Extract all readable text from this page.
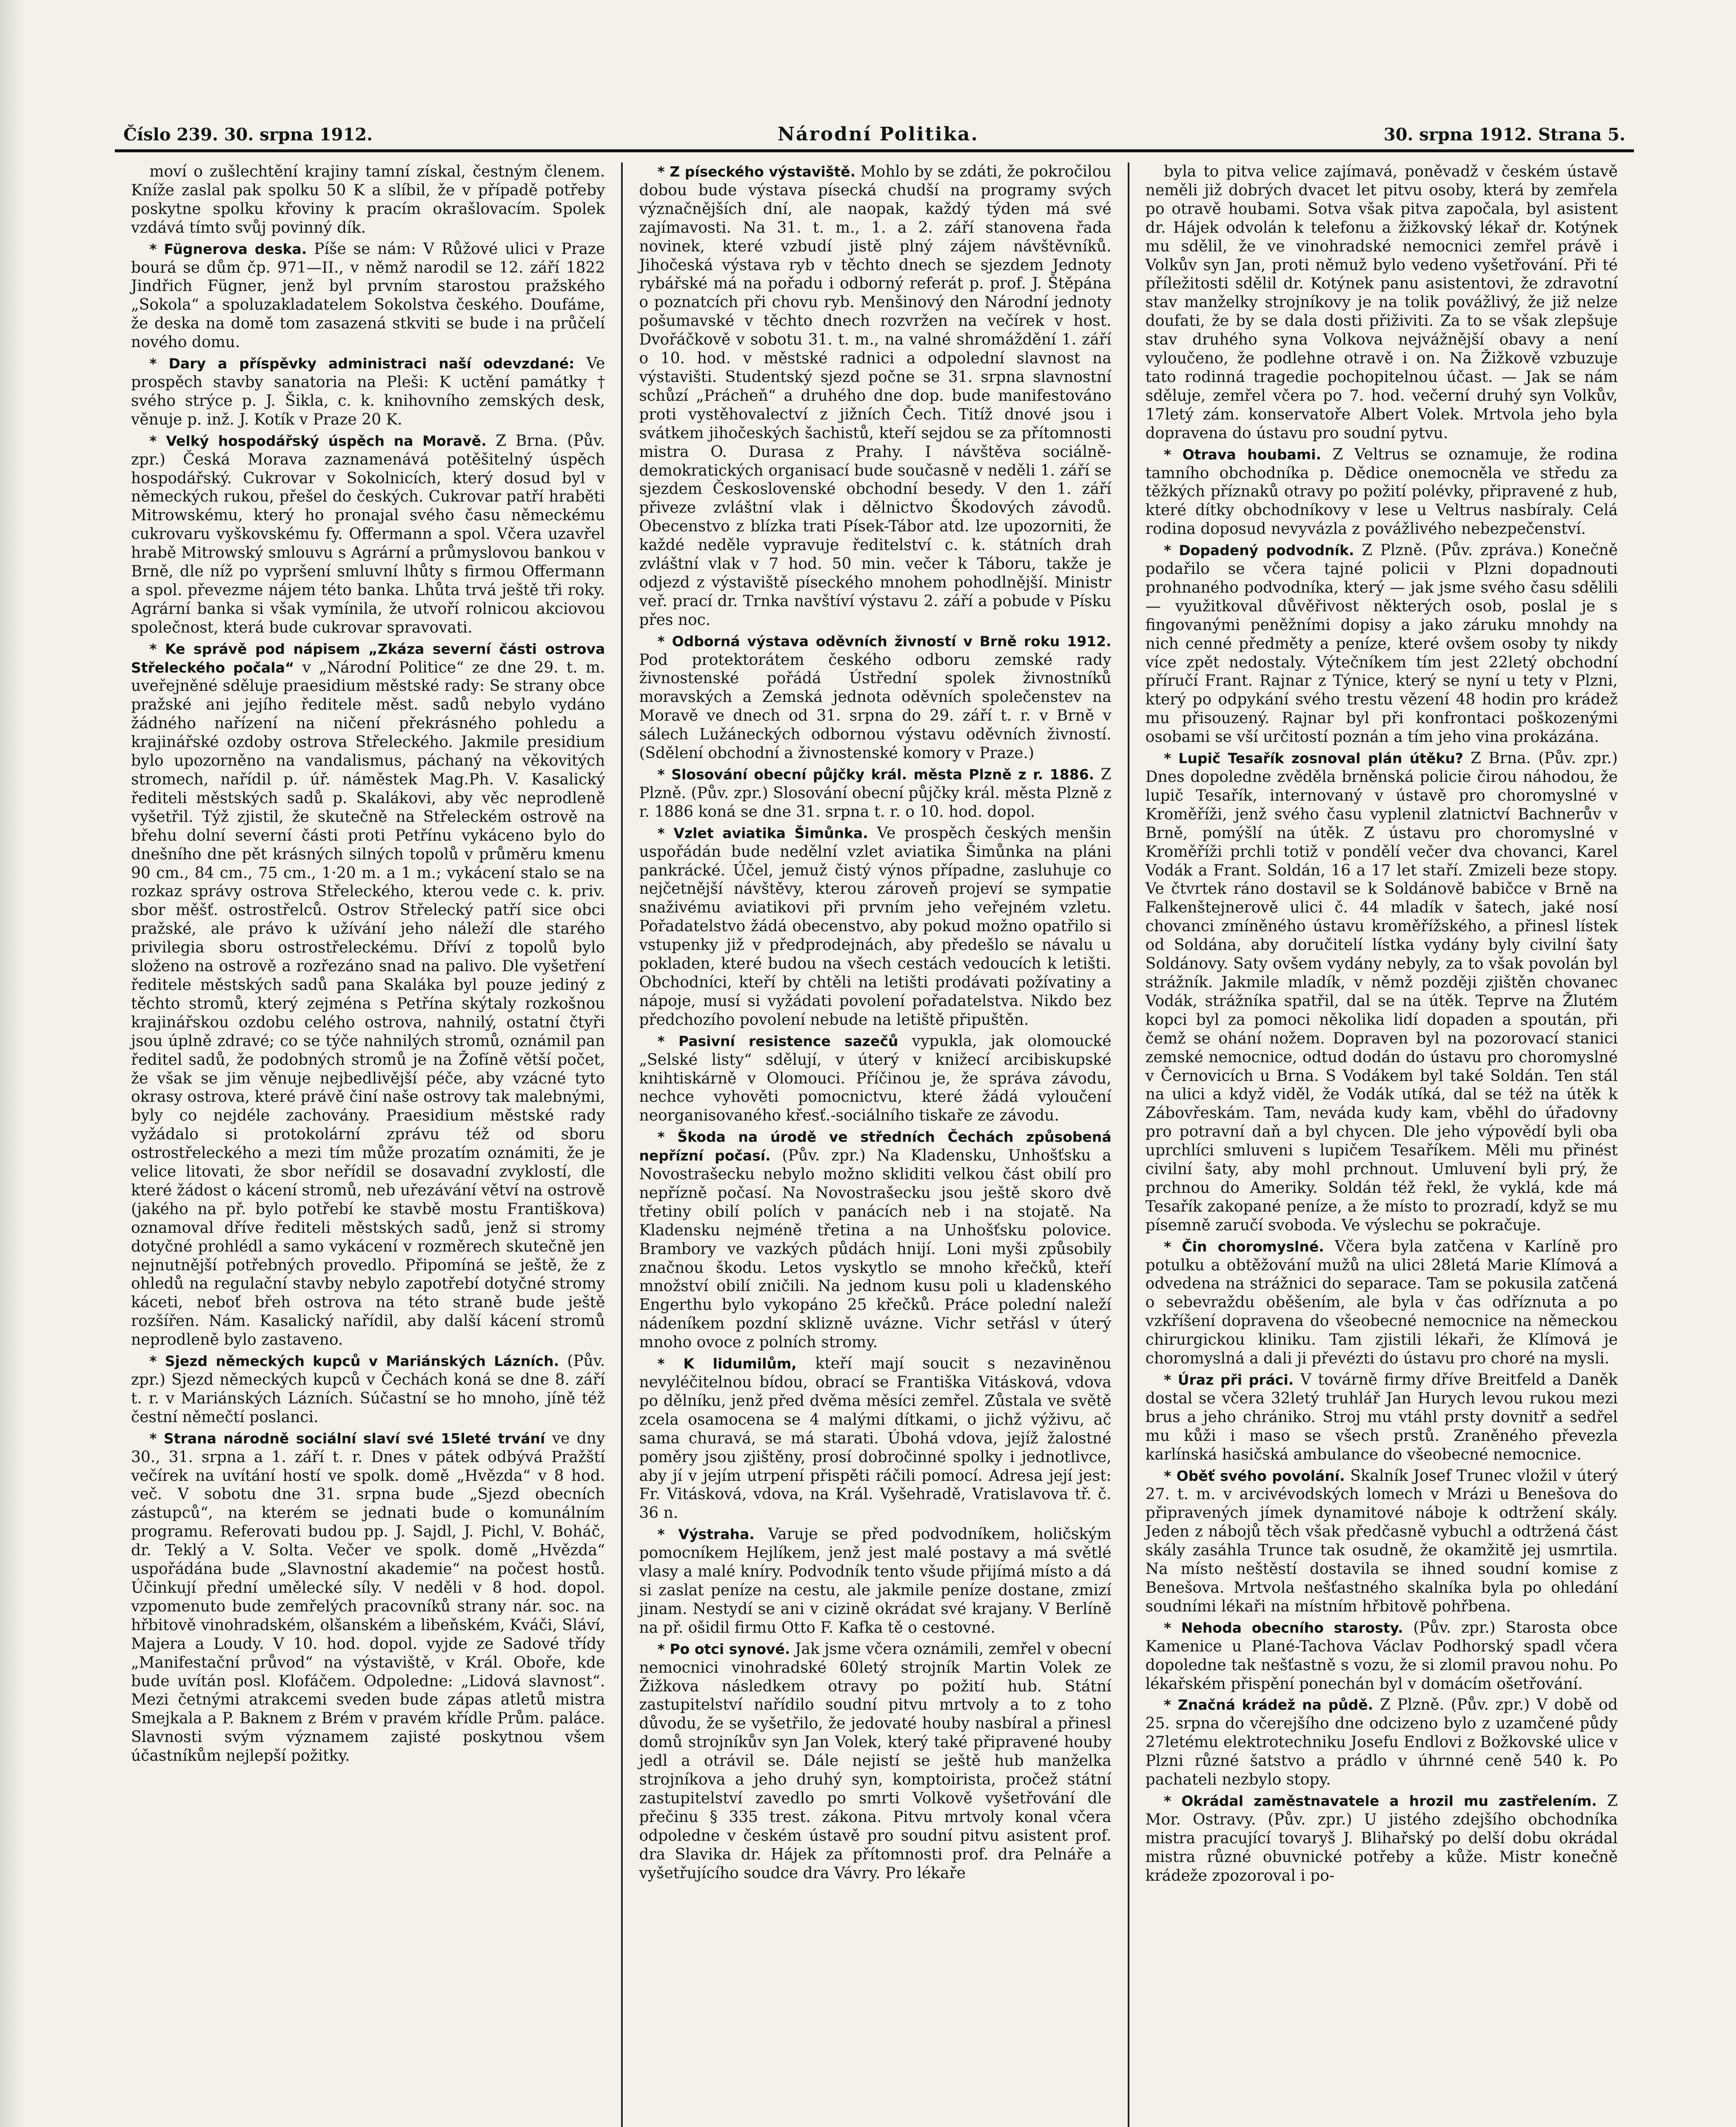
Číslo 239. 30. srpna 1912.	Národní Politika.	30. srpna 1912. Strana 5.

moví o zušlechtění krajiny tamní získal, čestným členem. Kníže zaslal pak spolku 50 K a slíbil, že v případě potřeby poskytne spolku křoviny k pracím okrašlovacím. Spolek vzdává tímto svůj povinný dík.

* Fügnerova deska. Píše se nám: V Růžové ulici v Praze bourá se dům čp. 971—II., v němž narodil se 12. září 1822 Jindřich Fügner, jenž byl prvním starostou pražského „Sokola“ a spoluzakladatelem Sokolstva českého. Doufáme, že deska na domě tom zasazená stkviti se bude i na průčelí nového domu.

* Dary a příspěvky administraci naší odevzdané: Ve prospěch stavby sanatoria na Pleši: K uctění památky † svého strýce p. J. Šikla, c. k. knihovního zemských desk, věnuje p. inž. J. Kotík v Praze 20 K.

* Velký hospodářský úspěch na Moravě. Z Brna. (Pův. zpr.) Česká Morava zaznamenává potěšitelný úspěch hospodářský. Cukrovar v Sokolnicích, který dosud byl v německých rukou, přešel do českých. Cukrovar patří hraběti Mitrowskému, který ho pronajal svého času německému cukrovaru vyškovskému fy. Offermann a spol. Včera uzavřel hrabě Mitrowský smlouvu s Agrární a průmyslovou bankou v Brně, dle níž po vypršení smluvní lhůty s firmou Offermann a spol. převezme nájem této banka. Lhůta trvá ještě tři roky. Agrární banka si však vymínila, že utvoří rolnicou akciovou společnost, která bude cukrovar spravovati.

* Ke správě pod nápisem „Zkáza severní části ostrova Střeleckého počala“ v „Národní Politice“ ze dne 29. t. m. uveřejněné sděluje praesidium městské rady: Se strany obce pražské ani jejího ředitele měst. sadů nebylo vydáno žádného nařízení na ničení překrásného pohledu a krajinářské ozdoby ostrova Střeleckého. Jakmile presidium bylo upozorněno na vandalismus, páchaný na věkovitých stromech, nařídil p. úř. náměstek Mag.Ph. V. Kasalický řediteli městských sadů p. Skalákovi, aby věc neprodleně vyšetřil. Týž zjistil, že skutečně na Střeleckém ostrově na břehu dolní severní části proti Petřínu vykáceno bylo do dnešního dne pět krásných silných topolů v průměru kmenu 90 cm., 84 cm., 75 cm., 1·20 m. a 1 m.; vykácení stalo se na rozkaz správy ostrova Střeleckého, kterou vede c. k. priv. sbor měšť. ostrostřelců. Ostrov Střelecký patří sice obci pražské, ale právo k užívání jeho náleží dle starého privilegia sboru ostrostřeleckému. Dříví z topolů bylo složeno na ostrově a rozřezáno snad na palivo. Dle vyšetření ředitele městských sadů pana Skaláka byl pouze jediný z těchto stromů, který zejména s Petřína skýtaly rozkošnou krajinářskou ozdobu celého ostrova, nahnilý, ostatní čtyři jsou úplně zdravé; co se týče nahnilých stromů, oznámil pan ředitel sadů, že podobných stromů je na Žofíně větší počet, že však se jim věnuje nejbedlivější péče, aby vzácné tyto okrasy ostrova, které právě činí naše ostrovy tak malebnými, byly co nejdéle zachovány. Praesidium městské rady vyžádalo si protokolární zprávu též od sboru ostrostřeleckého a mezi tím může prozatím oznámiti, že je velice litovati, že sbor neřídil se dosavadní zvyklostí, dle které žádost o kácení stromů, neb uřezávání větví na ostrově (jakého na př. bylo potřebí ke stavbě mostu Františkova) oznamoval dříve řediteli městských sadů, jenž si stromy dotyčné prohlédl a samo vykácení v rozměrech skutečně jen nejnutnější potřebných provedlo. Připomíná se ještě, že z ohledů na regulační stavby nebylo zapotřebí dotyčné stromy káceti, neboť břeh ostrova na této straně bude ještě rozšířen. Nám. Kasalický nařídil, aby další kácení stromů neprodleně bylo zastaveno.

* Sjezd německých kupců v Mariánských Lázních. (Pův. zpr.) Sjezd německých kupců v Čechách koná se dne 8. září t. r. v Mariánských Lázních. Súčastní se ho mnoho, jíně též čestní němečtí poslanci.

* Strana národně sociální slaví své 15leté trvání ve dny 30., 31. srpna a 1. září t. r. Dnes v pátek odbývá Pražští večírek na uvítání hostí ve spolk. domě „Hvězda“ v 8 hod. več. V sobotu dne 31. srpna bude „Sjezd obecních zástupců“, na kterém se jednati bude o komunálním programu. Referovati budou pp. J. Sajdl, J. Pichl, V. Boháč, dr. Teklý a V. Solta. Večer ve spolk. domě „Hvězda“ uspořádána bude „Slavnostní akademie“ na počest hostů. Účinkují přední umělecké síly. V neděli v 8 hod. dopol. vzpomenuto bude zemřelých pracovníků strany nár. soc. na hřbitově vinohradském, olšanském a libeňském, Kváči, Sláví, Majera a Loudy. V 10. hod. dopol. vyjde ze Sadové třídy „Manifestační průvod“ na výstaviště, v Král. Oboře, kde bude uvítán posl. Klofáčem. Odpoledne: „Lidová slavnost“. Mezi četnými atrakcemi sveden bude zápas atletů mistra Smejkala a P. Baknem z Brém v pravém křídle Prům. paláce. Slavnosti svým významem zajisté poskytnou všem účastníkům nejlepší požitky.

* Z píseckého výstaviště. Mohlo by se zdáti, že pokročilou dobou bude výstava písecká chudší na programy svých význačnějších dní, ale naopak, každý týden má své zajímavosti. Na 31. t. m., 1. a 2. září stanovena řada novinek, které vzbudí jistě plný zájem návštěvníků. Jihočeská výstava ryb v těchto dnech se sjezdem Jednoty rybářské má na pořadu i odborný referát p. prof. J. Štěpána o poznatcích při chovu ryb. Menšinový den Národní jednoty pošumavské v těchto dnech rozvržen na večírek v host. Dvořáčkově v sobotu 31. t. m., na valné shromáždění 1. září o 10. hod. v městské radnici a odpolední slavnost na výstavišti. Studentský sjezd počne se 31. srpna slavnostní schůzí „Prácheň“ a druhého dne dop. bude manifestováno proti vystěhovalectví z jižních Čech. Titíž dnové jsou i svátkem jihočeských šachistů, kteří sejdou se za přítomnosti mistra O. Durasa z Prahy. I návštěva sociálně-demokratických organisací bude současně v neděli 1. září se sjezdem Československé obchodní besedy. V den 1. září přiveze zvláštní vlak i dělnictvo Škodových závodů. Obecenstvo z blízka trati Písek-Tábor atd. lze upozorniti, že každé neděle vypravuje ředitelství c. k. státních drah zvláštní vlak v 7 hod. 50 min. večer k Táboru, takže je odjezd z výstaviště píseckého mnohem pohodlnější. Ministr veř. prací dr. Trnka navštíví výstavu 2. září a pobude v Písku přes noc.

* Odborná výstava oděvních živností v Brně roku 1912. Pod protektorátem českého odboru zemské rady živnostenské pořádá Ústřední spolek živnostníků moravských a Zemská jednota oděvních společenstev na Moravě ve dnech od 31. srpna do 29. září t. r. v Brně v sálech Lužáneckých odbornou výstavu oděvních živností. (Sdělení obchodní a živnostenské komory v Praze.)

* Slosování obecní půjčky král. města Plzně z r. 1886. Z Plzně. (Pův. zpr.) Slosování obecní půjčky král. města Plzně z r. 1886 koná se dne 31. srpna t. r. o 10. hod. dopol.

* Vzlet aviatika Šimůnka. Ve prospěch českých menšin uspořádán bude nedělní vzlet aviatika Šimůnka na pláni pankrácké. Účel, jemuž čistý výnos případne, zasluhuje co nejčetnější návštěvy, kterou zároveň projeví se sympatie snaživému aviatikovi při prvním jeho veřejném vzletu. Pořadatelstvo žádá obecenstvo, aby pokud možno opatřilo si vstupenky již v předprodejnách, aby předešlo se návalu u pokladen, které budou na všech cestách vedoucích k letišti. Obchodníci, kteří by chtěli na letišti prodávati požívatiny a nápoje, musí si vyžádati povolení pořadatelstva. Nikdo bez předchozího povolení nebude na letiště připuštěn.

* Pasivní resistence sazečů vypukla, jak olomoucké „Selské listy“ sdělují, v úterý v knižecí arcibiskupské knihtiskárně v Olomouci. Příčinou je, že správa závodu, nechce vyhověti pomocnictvu, které žádá vyloučení neorganisovaného křesť.-sociálního tiskaře ze závodu.

* Škoda na úrodě ve středních Čechách způsobená nepřízní počasí. (Pův. zpr.) Na Kladensku, Unhošťsku a Novostrašecku nebylo možno skliditi velkou část obilí pro nepřízně počasí. Na Novostrašecku jsou ještě skoro dvě třetiny obilí polích v panácích neb i na stojatě. Na Kladensku nejméně třetina a na Unhošťsku polovice. Brambory ve vazkých půdách hnijí. Loni myši způsobily značnou škodu. Letos vyskytlo se mnoho křečků, kteří množství obilí zničili. Na jednom kusu poli u kladenského Engerthu bylo vykopáno 25 křečků. Práce polední naleží nádeníkem pozdní sklizně uvázne. Vichr setřásl v úterý mnoho ovoce z polních stromy.

* K lidumilům, kteří mají soucit s nezaviněnou nevyléčitelnou bídou, obrací se Františka Vitásková, vdova po dělníku, jenž před dvěma měsíci zemřel. Zůstala ve světě zcela osamocena se 4 malými dítkami, o jichž výživu, ač sama churavá, se má starati. Úbohá vdova, jejíž žalostné poměry jsou zjištěny, prosí dobročinné spolky i jednotlivce, aby jí v jejím utrpení přispěti ráčili pomocí. Adresa její jest: Fr. Vitásková, vdova, na Král. Vyšehradě, Vratislavova tř. č. 36 n.

* Výstraha. Varuje se před podvodníkem, holičským pomocníkem Hejlíkem, jenž jest malé postavy a má světlé vlasy a malé kníry. Podvodník tento všude přijímá místo a dá si zaslat peníze na cestu, ale jakmile peníze dostane, zmizí jinam. Nestydí se ani v cizině okrádat své krajany. V Berlíně na př. ošidil firmu Otto F. Kafka tě o cestovné.

* Po otci synové. Jak jsme včera oznámili, zemřel v obecní nemocnici vinohradské 60letý strojník Martin Volek ze Žižkova následkem otravy po požití hub. Státní zastupitelství nařídilo soudní pitvu mrtvoly a to z toho důvodu, že se vyšetřilo, že jedovaté houby nasbíral a přinesl domů strojníkův syn Jan Volek, který také připravené houby jedl a otrávil se. Dále nejistí se ještě hub manželka strojníkova a jeho druhý syn, komptoirista, pročež státní zastupitelství zavedlo po smrti Volkově vyšetřování dle přečinu § 335 trest. zákona. Pitvu mrtvoly konal včera odpoledne v českém ústavě pro soudní pitvu asistent prof. dra Slavika dr. Hájek za přítomnosti prof. dra Pelnáře a vyšetřujícího soudce dra Vávry. Pro lékaře

byla to pitva velice zajímavá, poněvadž v českém ústavě neměli již dobrých dvacet let pitvu osoby, která by zemřela po otravě houbami. Sotva však pitva započala, byl asistent dr. Hájek odvolán k telefonu a žižkovský lékař dr. Kotýnek mu sdělil, že ve vinohradské nemocnici zemřel právě i Volkův syn Jan, proti němuž bylo vedeno vyšetřování. Při té příležitosti sdělil dr. Kotýnek panu asistentovi, že zdravotní stav manželky strojníkovy je na tolik povážlivý, že již nelze doufati, že by se dala dosti přiživiti. Za to se však zlepšuje stav druhého syna Volkova nejvážnější obavy a není vyloučeno, že podlehne otravě i on. Na Žižkově vzbuzuje tato rodinná tragedie pochopitelnou účast. — Jak se nám sděluje, zemřel včera po 7. hod. večerní druhý syn Volkův, 17letý zám. konservatoře Albert Volek. Mrtvola jeho byla dopravena do ústavu pro soudní pytvu.

* Otrava houbami. Z Veltrus se oznamuje, že rodina tamního obchodníka p. Dědice onemocněla ve středu za těžkých příznaků otravy po požití polévky, připravené z hub, které dítky obchodníkovy v lese u Veltrus nasbíraly. Celá rodina doposud nevyvázla z povážlivého nebezpečenství.

* Dopadený podvodník. Z Plzně. (Pův. zpráva.) Konečně podařilo se včera tajné policii v Plzni dopadnouti prohnaného podvodníka, který — jak jsme svého času sdělili — využitkoval důvěřivost některých osob, poslal je s fingovanými peněžními dopisy a jako záruku mnohdy na nich cenné předměty a peníze, které ovšem osoby ty nikdy více zpět nedostaly. Výtečníkem tím jest 22letý obchodní příručí Frant. Rajnar z Týnice, který se nyní u tety v Plzni, který po odpykání svého trestu vězení 48 hodin pro krádež mu přisouzený. Rajnar byl při konfrontaci poškozenými osobami se vší určitostí poznán a tím jeho vina prokázána.

* Lupič Tesařík zosnoval plán útěku? Z Brna. (Pův. zpr.) Dnes dopoledne zvěděla brněnská policie čirou náhodou, že lupič Tesařík, internovaný v ústavě pro choromyslné v Kroměříži, jenž svého času vyplenil zlatnictví Bachnerův v Brně, pomýšlí na útěk. Z ústavu pro choromyslné v Kroměříži prchli totiž v pondělí večer dva chovanci, Karel Vodák a Frant. Soldán, 16 a 17 let staří. Zmizeli beze stopy. Ve čtvrtek ráno dostavil se k Soldánově babičce v Brně na Falkenštejnerově ulici č. 44 mladík v šatech, jaké nosí chovanci zmíněného ústavu kroměřížského, a přinesl lístek od Soldána, aby doručitelí lístka vydány byly civilní šaty Soldánovy. Saty ovšem vydány nebyly, za to však povolán byl strážník. Jakmile mladík, v němž později zjištěn chovanec Vodák, strážníka spatřil, dal se na útěk. Teprve na Žlutém kopci byl za pomoci několika lidí dopaden a spoután, při čemž se ohání nožem. Dopraven byl na pozorovací stanici zemské nemocnice, odtud dodán do ústavu pro choromyslné v Černovicích u Brna. S Vodákem byl také Soldán. Ten stál na ulici a když viděl, že Vodák utíká, dal se též na útěk k Zábovřeskám. Tam, neváda kudy kam, vběhl do úřadovny pro potravní daň a byl chycen. Dle jeho výpovědí byli oba uprchlíci smluveni s lupičem Tesaříkem. Měli mu přinést civilní šaty, aby mohl prchnout. Umluvení byli prý, že prchnou do Ameriky. Soldán též řekl, že vyklá, kde má Tesařík zakopané peníze, a že místo to prozradí, když se mu písemně zaručí svoboda. Ve výslechu se pokračuje.

* Čin choromyslné. Včera byla zatčena v Karlíně pro potulku a obtěžování mužů na ulici 28letá Marie Klímová a odvedena na strážnici do separace. Tam se pokusila zatčená o sebevraždu oběšením, ale byla v čas odříznuta a po vzkříšení dopravena do všeobecné nemocnice na německou chirurgickou kliniku. Tam zjistili lékaři, že Klímová je choromyslná a dali ji převézti do ústavu pro choré na mysli.

* Úraz při práci. V továrně firmy dříve Breitfeld a Daněk dostal se včera 32letý truhlář Jan Hurych levou rukou mezi brus a jeho chrániko. Stroj mu vtáhl prsty dovnitř a sedřel mu kůži i maso se všech prstů. Zraněného převezla karlínská hasičská ambulance do všeobecné nemocnice.

* Oběť svého povolání. Skalník Josef Trunec vložil v úterý 27. t. m. v arcivévodských lomech v Mrázi u Benešova do připravených jímek dynamitové náboje k odtržení skály. Jeden z nábojů těch však předčasně vybuchl a odtržená část skály zasáhla Trunce tak osudně, že okamžitě jej usmrtila. Na místo neštěstí dostavila se ihned soudní komise z Benešova. Mrtvola nešťastného skalníka byla po ohledání soudními lékaři na místním hřbitově pohřbena.

* Nehoda obecního starosty. (Pův. zpr.) Starosta obce Kamenice u Plané-Tachova Václav Podhorský spadl včera dopoledne tak nešťastně s vozu, že si zlomil pravou nohu. Po lékařském přispění ponechán byl v domácím ošetřování.

* Značná krádež na půdě. Z Plzně. (Pův. zpr.) V době od 25. srpna do včerejšího dne odcizeno bylo z uzamčené půdy 27letému elektrotechniku Josefu Endlovi z Božkovské ulice v Plzni různé šatstvo a prádlo v úhrnné ceně 540 k. Po pachateli nezbylo stopy.

* Okrádal zaměstnavatele a hrozil mu zastřelením. Z Mor. Ostravy. (Pův. zpr.) U jistého zdejšího obchodníka mistra pracující tovaryš J. Blihařský po delší dobu okrádal mistra různé obuvnické potřeby a kůže. Mistr konečně krádeže zpozoroval i po-
